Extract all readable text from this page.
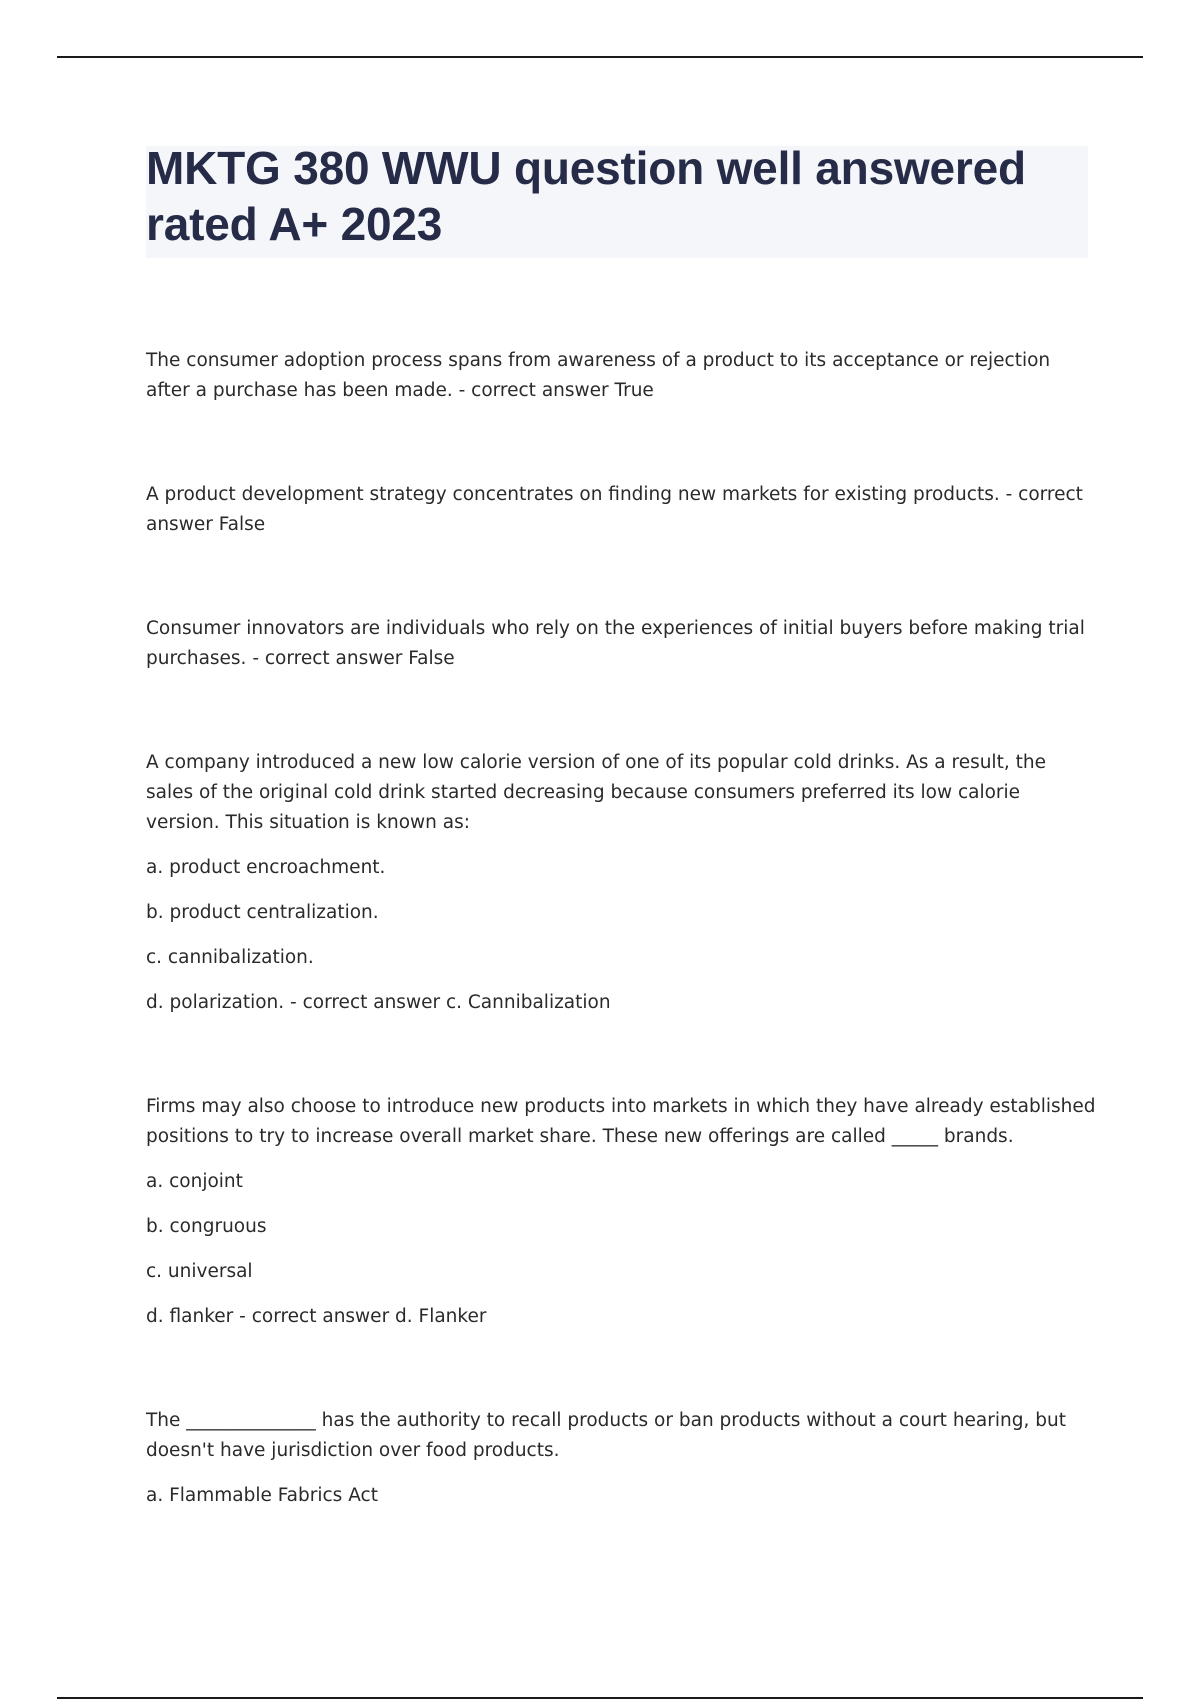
MKTG 380 WWU question well answered rated A+ 2023

The consumer adoption process spans from awareness of a product to its acceptance or rejection after a purchase has been made. - correct answer True

A product development strategy concentrates on finding new markets for existing products. - correct answer False

Consumer innovators are individuals who rely on the experiences of initial buyers before making trial purchases. - correct answer False

A company introduced a new low calorie version of one of its popular cold drinks. As a result, the sales of the original cold drink started decreasing because consumers preferred its low calorie version. This situation is known as:

a. product encroachment.

b. product centralization.

c. cannibalization.

d. polarization. - correct answer c. Cannibalization

Firms may also choose to introduce new products into markets in which they have already established positions to try to increase overall market share. These new offerings are called _____ brands.

a. conjoint

b. congruous

c. universal

d. flanker - correct answer d. Flanker

The ______________ has the authority to recall products or ban products without a court hearing, but doesn't have jurisdiction over food products.

a. Flammable Fabrics Act
